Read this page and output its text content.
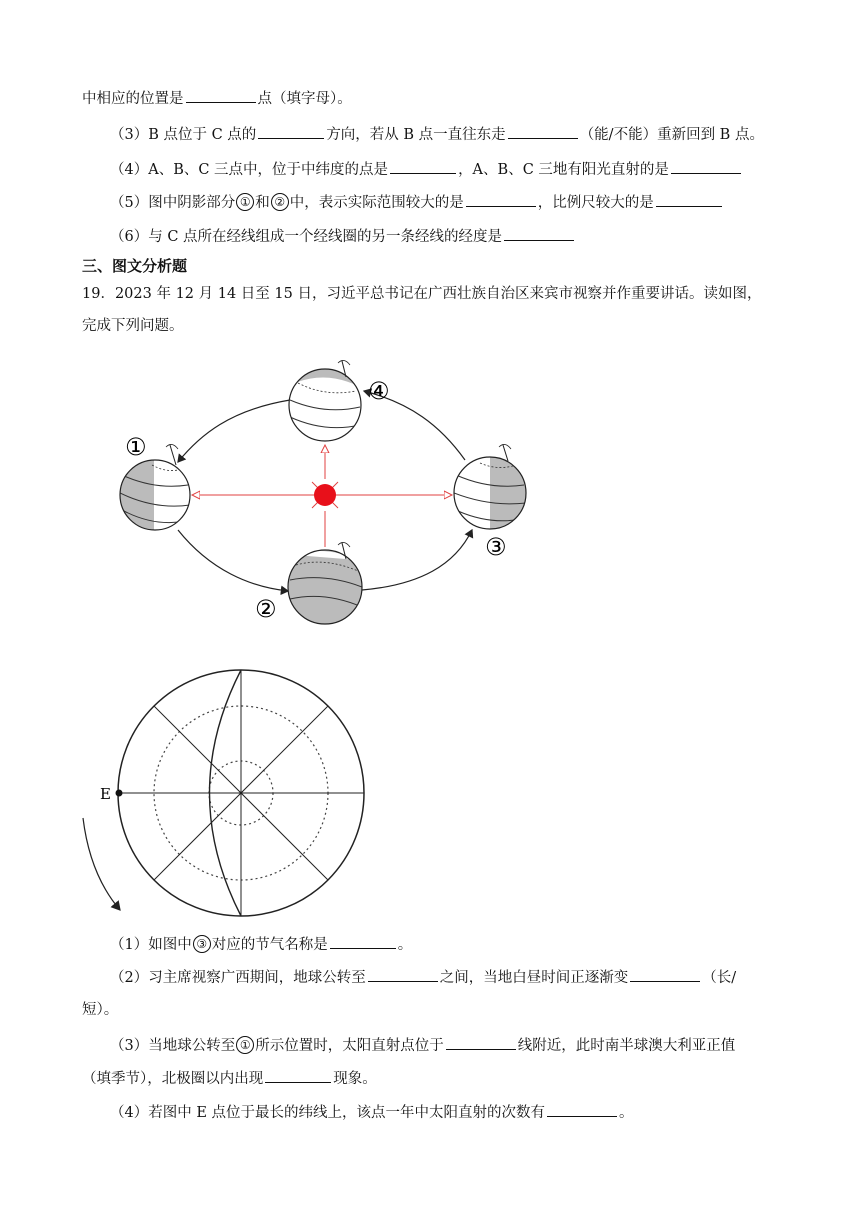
中相应的位置是	点（填字母）。
（3）B 点位于 C 点的	方向，若从 B 点一直往东走	（能/不能）重新回到 B 点。
（4）A、B、C 三点中，位于中纬度的点是	，A、B、C 三地有阳光直射的是
（5）图中阴影部分 ① 和 ② 中，表示实际范围较大的是	，比例尺较大的是
（6）与 C 点所在经线组成一个经线圈的另一条经线的经度是
三、图文分析题
19．2023 年 12 月 14 日至 15 日，习近平总书记在广西壮族自治区来宾市视察并作重要讲话。读如图，
完成下列问题。
①
②
③
④
E
（1）如图中 ③ 对应的节气名称是	。
（2）习主席视察广西期间，地球公转至	之间，当地白昼时间正逐渐变	（长/
短）。
（3）当地球公转至 ① 所示位置时，太阳直射点位于	线附近，此时南半球澳大利亚正值
（填季节），北极圈以内出现	现象。
（4）若图中 E 点位于最长的纬线上，该点一年中太阳直射的次数有	。
